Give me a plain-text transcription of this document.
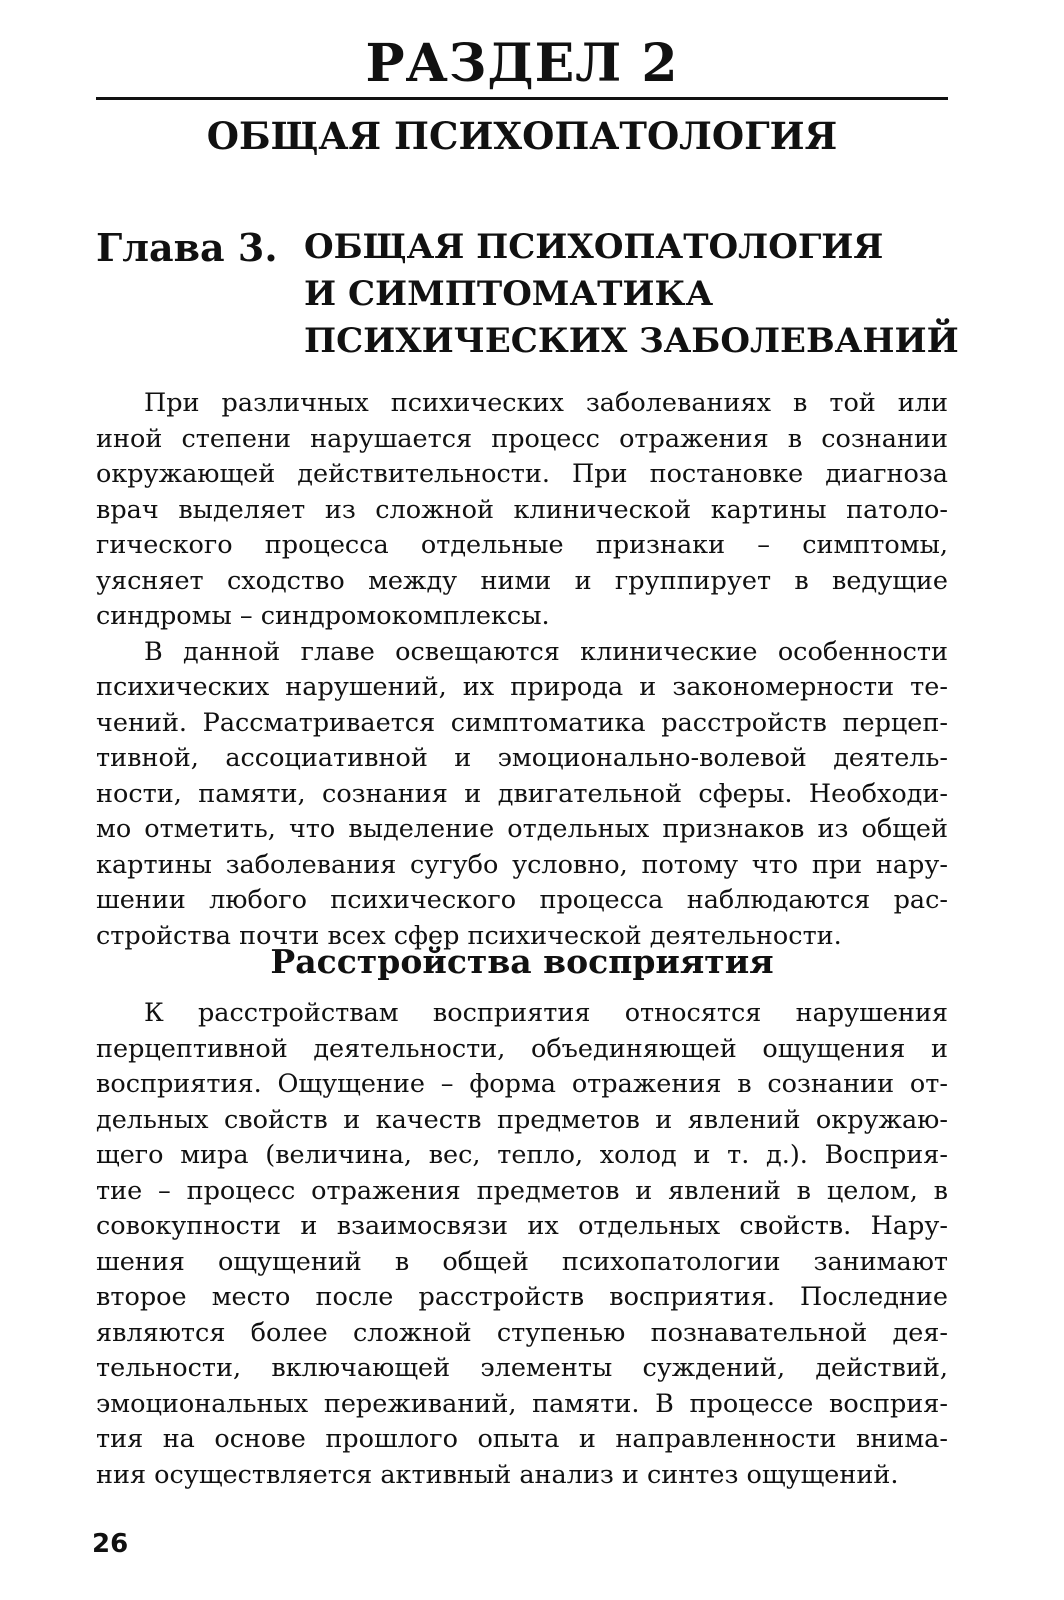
РАЗДЕЛ 2
ОБЩАЯ ПСИХОПАТОЛОГИЯ
Глава 3. ОБЩАЯ ПСИХОПАТОЛОГИЯ
И СИМПТОМАТИКА
ПСИХИЧЕСКИХ ЗАБОЛЕВАНИЙ

При различных психических заболеваниях в той или
иной степени нарушается процесс отражения в сознании
окружающей действительности. При постановке диагноза
врач выделяет из сложной клинической картины патоло-
гического процесса отдельные признаки – симптомы,
уясняет сходство между ними и группирует в ведущие
синдромы – синдромокомплексы.

В данной главе освещаются клинические особенности
психических нарушений, их природа и закономерности те-
чений. Рассматривается симптоматика расстройств перцеп-
тивной, ассоциативной и эмоционально-волевой деятель-
ности, памяти, сознания и двигательной сферы. Необходи-
мо отметить, что выделение отдельных признаков из общей
картины заболевания сугубо условно, потому что при нару-
шении любого психического процесса наблюдаются рас-
стройства почти всех сфер психической деятельности.

Расстройства восприятия

К расстройствам восприятия относятся нарушения
перцептивной деятельности, объединяющей ощущения и
восприятия. Ощущение – форма отражения в сознании от-
дельных свойств и качеств предметов и явлений окружаю-
щего мира (величина, вес, тепло, холод и т. д.). Восприя-
тие – процесс отражения предметов и явлений в целом, в
совокупности и взаимосвязи их отдельных свойств. Нару-
шения ощущений в общей психопатологии занимают
второе место после расстройств восприятия. Последние
являются более сложной ступенью познавательной дея-
тельности, включающей элементы суждений, действий,
эмоциональных переживаний, памяти. В процессе восприя-
тия на основе прошлого опыта и направленности внима-
ния осуществляется активный анализ и синтез ощущений.

26
